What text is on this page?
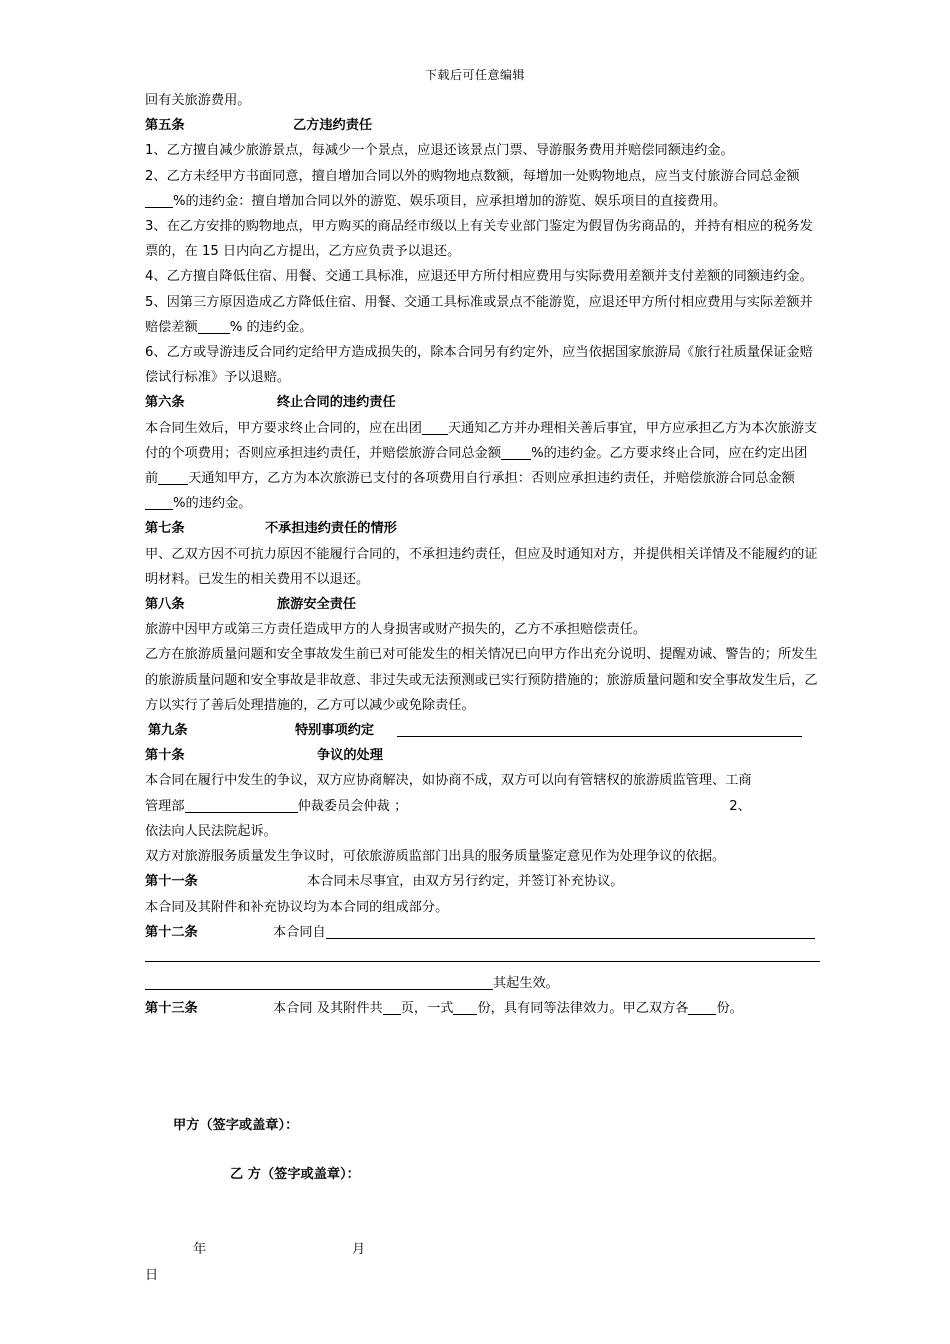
下载后可任意编辑

回有关旅游费用。

第五条	乙方违约责任

1、乙方擅自减少旅游景点，每减少一个景点，应退还该景点门票、导游服务费用并赔偿同额违约金。

2、乙方未经甲方书面同意，擅自增加合同以外的购物地点数额，每增加一处购物地点，应当支付旅游合同总金额%的违约金：擅自增加合同以外的游览、娱乐项目，应承担增加的游览、娱乐项目的直接费用。

3、在乙方安排的购物地点，甲方购买的商品经市级以上有关专业部门鉴定为假冒伪劣商品的，并持有相应的税务发票的，在 15 日内向乙方提出，乙方应负责予以退还。

4、乙方擅自降低住宿、用餐、交通工具标准，应退还甲方所付相应费用与实际费用差额并支付差额的同额违约金。

5、因第三方原因造成乙方降低住宿、用餐、交通工具标准或景点不能游览，应退还甲方所付相应费用与实际差额并赔偿差额 % 的违约金。

6、乙方或导游违反合同约定给甲方造成损失的，除本合同另有约定外，应当依据国家旅游局《旅行社质量保证金赔偿试行标准》予以退赔。

第六条	终止合同的违约责任

本合同生效后，甲方要求终止合同的，应在出团 天通知乙方并办理相关善后事宜，甲方应承担乙方为本次旅游支付的个项费用；否则应承担违约责任，并赔偿旅游合同总金额 %的违约金。乙方要求终止合同，应在约定出团前 天通知甲方，乙方为本次旅游已支付的各项费用自行承担：否则应承担违约责任，并赔偿旅游合同总金额%的违约金。

第七条	不承担违约责任的情形

甲、乙双方因不可抗力原因不能履行合同的，不承担违约责任，但应及时通知对方，并提供相关详情及不能履约的证明材料。已发生的相关费用不以退还。

第八条	旅游安全责任

旅游中因甲方或第三方责任造成甲方的人身损害或财产损失的，乙方不承担赔偿责任。

乙方在旅游质量问题和安全事故发生前已对可能发生的相关情况已向甲方作出充分说明、提醒劝诫、警告的；所发生的旅游质量问题和安全事故是非故意、非过失或无法预测或已实行预防措施的；旅游质量问题和安全事故发生后，乙方以实行了善后处理措施的，乙方可以减少或免除责任。

第九条	特别事项约定

第十条	争议的处理

本合同在履行中发生的争议，双方应协商解决，如协商不成，双方可以向有管辖权的旅游质监管理、工商

管理部	仲裁委员会仲裁 ；	2、

依法向人民法院起诉。

双方对旅游服务质量发生争议时，可依旅游质监部门出具的服务质量鉴定意见作为处理争议的依据。

第十一条	本合同未尽事宜，由双方另行约定，并签订补充协议。

本合同及其附件和补充协议均为本合同的组成部分。

第十二条	本合同自

其起生效。

第十三条	本合同 及其附件共 页，一式 份，具有同等法律效力。甲乙双方各 份。

甲方（签字或盖章）：
乙 方（签字或盖章）：
年	月
日
